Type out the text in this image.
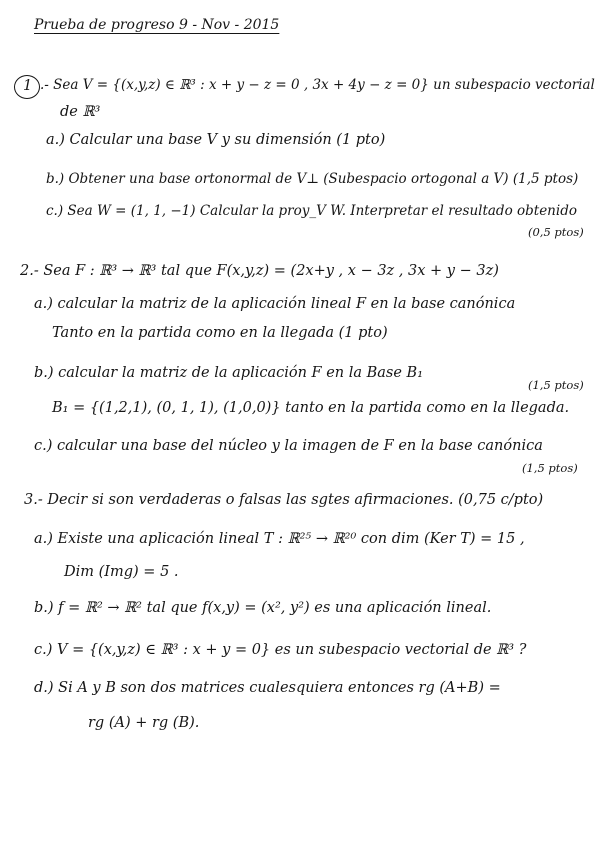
Prueba de progreso 9 - Nov - 2015
1 .- Sea V = {(x,y,z) ∈ ℝ³ : x + y − z = 0 , 3x + 4y − z = 0} un subespacio vectorial
de ℝ³
a.) Calcular una base V y su dimensión (1 pto)
b.) Obtener una base ortonormal de V⊥ (Subespacio ortogonal a V) (1,5 ptos)
c.) Sea W = (1, 1, −1) Calcular la proy_V W. Interpretar el resultado obtenido
(0,5 ptos)
2.- Sea F : ℝ³ → ℝ³ tal que F(x,y,z) = (2x+y , x − 3z , 3x + y − 3z)
a.) calcular la matriz de la aplicación lineal F en la base canónica
Tanto en la partida como en la llegada (1 pto)
b.) calcular la matriz de la aplicación F en la Base B₁
(1,5 ptos)
B₁ = {(1,2,1), (0, 1, 1), (1,0,0)} tanto en la partida como en la llegada.
c.) calcular una base del núcleo y la imagen de F en la base canónica
(1,5 ptos)
3.- Decir si son verdaderas o falsas las sgtes afirmaciones. (0,75 c/pto)
a.) Existe una aplicación lineal T : ℝ²⁵ → ℝ²⁰ con dim (Ker T) = 15 ,
Dim (Img) = 5 .
b.) f = ℝ² → ℝ² tal que f(x,y) = (x², y²) es una aplicación lineal.
c.) V = {(x,y,z) ∈ ℝ³ : x + y = 0} es un subespacio vectorial de ℝ³ ?
d.) Si A y B son dos matrices cualesquiera entonces rg (A+B) =
rg (A) + rg (B).
